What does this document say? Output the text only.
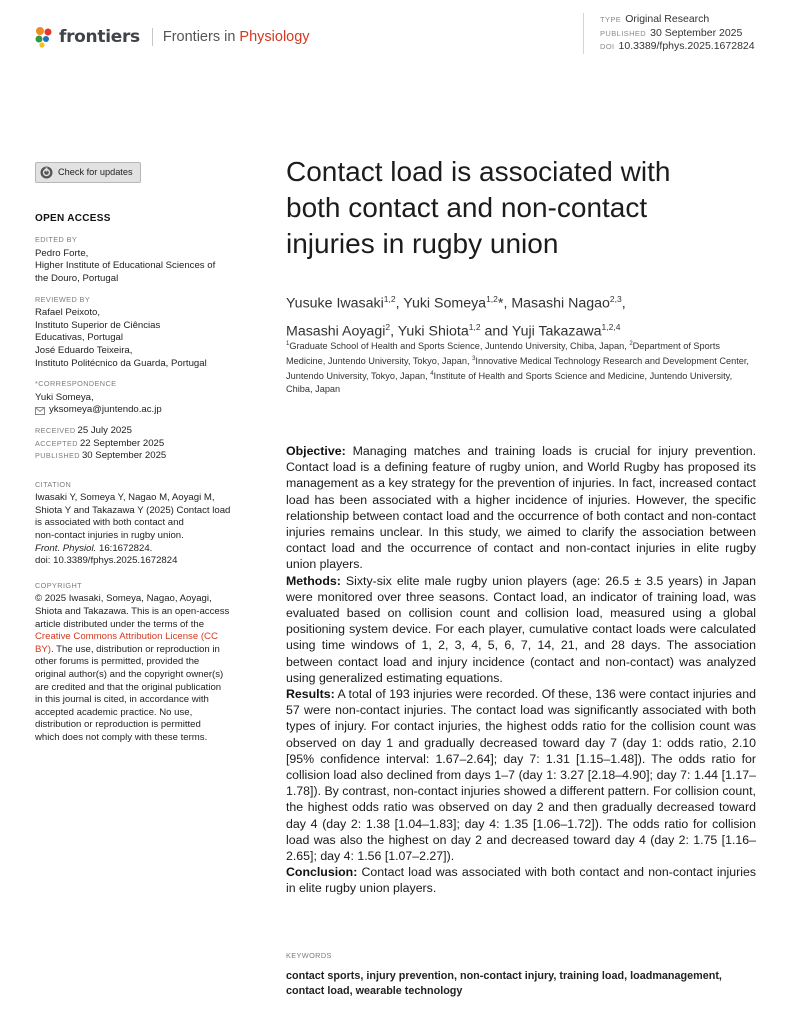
frontiers Frontiers in Physiology
TYPE Original Research
PUBLISHED 30 September 2025
DOI 10.3389/fphys.2025.1672824
Check for updates
OPEN ACCESS
EDITED BY
Pedro Forte,
Higher Institute of Educational Sciences of
the Douro, Portugal
REVIEWED BY
Rafael Peixoto,
Instituto Superior de Ciências
Educativas, Portugal
José Eduardo Teixeira,
Instituto Politécnico da Guarda, Portugal
*CORRESPONDENCE
Yuki Someya,
yksomeya@juntendo.ac.jp
RECEIVED 25 July 2025
ACCEPTED 22 September 2025
PUBLISHED 30 September 2025
CITATION
Iwasaki Y, Someya Y, Nagao M, Aoyagi M,
Shiota Y and Takazawa Y (2025) Contact load
is associated with both contact and
non-contact injuries in rugby union.
Front. Physiol. 16:1672824.
doi: 10.3389/fphys.2025.1672824
COPYRIGHT
© 2025 Iwasaki, Someya, Nagao, Aoyagi,
Shiota and Takazawa. This is an open-access
article distributed under the terms of the
Creative Commons Attribution License (CC
BY). The use, distribution or reproduction in
other forums is permitted, provided the
original author(s) and the copyright owner(s)
are credited and that the original publication
in this journal is cited, in accordance with
accepted academic practice. No use,
distribution or reproduction is permitted
which does not comply with these terms.
Contact load is associated with
both contact and non-contact
injuries in rugby union
Yusuke Iwasaki$^{1,2}$, Yuki Someya$^{1,2}$*, Masashi Nagao$^{2,3}$,
Masashi Aoyagi$^2$, Yuki Shiota$^{1,2}$ and Yuji Takazawa$^{1,2,4}$
$^1$Graduate School of Health and Sports Science, Juntendo University, Chiba, Japan, $^2$Department of Sports Medicine, Juntendo University, Tokyo, Japan, $^3$Innovative Medical Technology Research and Development Center, Juntendo University, Tokyo, Japan, $^4$Institute of Health and Sports Science and Medicine, Juntendo University, Chiba, Japan

Objective: Managing matches and training loads is crucial for injury prevention. Contact load is a defining feature of rugby union, and World Rugby has proposed its management as a key strategy for the prevention of injuries. In fact, increased contact load has been associated with a higher incidence of injuries. However, the specific relationship between contact load and the occurrence of both contact and non-contact injuries remains unclear. In this study, we aimed to clarify the association between contact load and the occurrence of contact and non-contact injuries in elite rugby union players.

Methods: Sixty-six elite male rugby union players (age: 26.5 ± 3.5 years) in Japan were monitored over three seasons. Contact load, an indicator of training load, was evaluated based on collision count and collision load, measured using a global positioning system device. For each player, cumulative contact loads were calculated using time windows of 1, 2, 3, 4, 5, 6, 7, 14, 21, and 28 days. The association between contact load and injury incidence (contact and non-contact) was analyzed using generalized estimating equations.

Results: A total of 193 injuries were recorded. Of these, 136 were contact injuries and 57 were non-contact injuries. The contact load was significantly associated with both types of injury. For contact injuries, the highest odds ratio for the collision count was observed on day 1 and gradually decreased toward day 7 (day 1: odds ratio, 2.10 [95% confidence interval: 1.67–2.64]; day 7: 1.31 [1.15–1.48]). The odds ratio for collision load also declined from days 1–7 (day 1: 3.27 [2.18–4.90]; day 7: 1.44 [1.17–1.78]). By contrast, non-contact injuries showed a different pattern. For collision count, the highest odds ratio was observed on day 2 and then gradually decreased toward day 4 (day 2: 1.38 [1.04–1.83]; day 4: 1.35 [1.06–1.72]). The odds ratio for collision load was also the highest on day 2 and decreased toward day 4 (day 2: 1.75 [1.16–2.65]; day 4: 1.56 [1.07–2.27]).

Conclusion: Contact load was associated with both contact and non-contact injuries in elite rugby union players.

KEYWORDS
contact sports, injury prevention, non-contact injury, training load, loadmanagement, contact load, wearable technology
